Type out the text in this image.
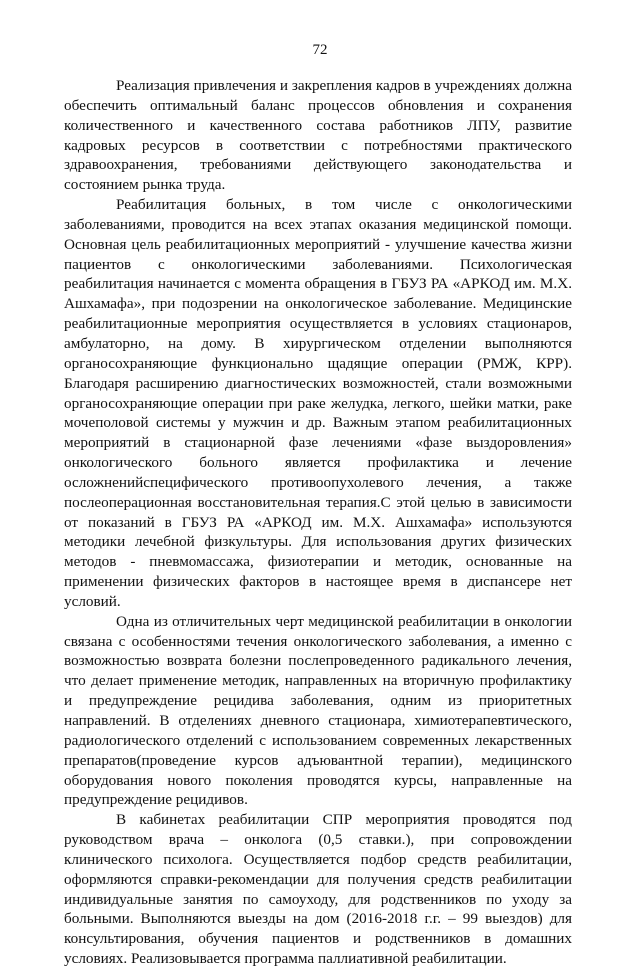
72

Реализация привлечения и закрепления кадров в учреждениях должна обеспечить оптимальный баланс процессов обновления и сохранения количественного и качественного состава работников ЛПУ, развитие кадровых ресурсов в соответствии с потребностями практического здравоохранения, требованиями действующего законодательства и состоянием рынка труда.

Реабилитация больных, в том числе с онкологическими заболеваниями, проводится на всех этапах оказания медицинской помощи. Основная цель реабилитационных мероприятий - улучшение качества жизни пациентов с онкологическими заболеваниями. Психологическая реабилитация начинается с момента обращения в ГБУЗ РА «АРКОД им. М.Х. Ашхамафа», при подозрении на онкологическое заболевание. Медицинские реабилитационные мероприятия осуществляется в условиях стационаров, амбулаторно, на дому. В хирургическом отделении выполняются органосохраняющие функционально щадящие операции (РМЖ, КРР). Благодаря расширению диагностических возможностей, стали возможными органосохраняющие операции при раке желудка, легкого, шейки матки, раке мочеполовой системы у мужчин и др. Важным этапом реабилитационных мероприятий в стационарной фазе лечениями «фазе выздоровления» онкологического больного является профилактика и лечение осложненийспецифического противоопухолевого лечения, а также послеоперационная восстановительная терапия.С этой целью в зависимости от показаний в ГБУЗ РА «АРКОД им. М.Х. Ашхамафа» используются методики лечебной физкультуры. Для использования других физических методов - пневмомассажа, физиотерапии и методик, основанные на применении физических факторов в настоящее время в диспансере нет условий.

Одна из отличительных черт медицинской реабилитации в онкологии связана с особенностями течения онкологического заболевания, а именно с возможностью возврата болезни послепроведенного радикального лечения, что делает применение методик, направленных на вторичную профилактику и предупреждение рецидива заболевания, одним из приоритетных направлений. В отделениях дневного стационара, химиотерапевтического, радиологического отделений с использованием современных лекарственных препаратов(проведение курсов адъювантной терапии), медицинского оборудования нового поколения проводятся курсы, направленные на предупреждение рецидивов.

В кабинетах реабилитации СПР мероприятия проводятся под руководством врача – онколога (0,5 ставки.), при сопровождении клинического психолога. Осуществляется подбор средств реабилитации, оформляются справки-рекомендации для получения средств реабилитации индивидуальные занятия по самоуходу, для родственников по уходу за больными. Выполняются выезды на дом (2016-2018 г.г. – 99 выездов) для консультирования, обучения пациентов и родственников в домашних условиях. Реализовывается программа паллиативной реабилитации.
